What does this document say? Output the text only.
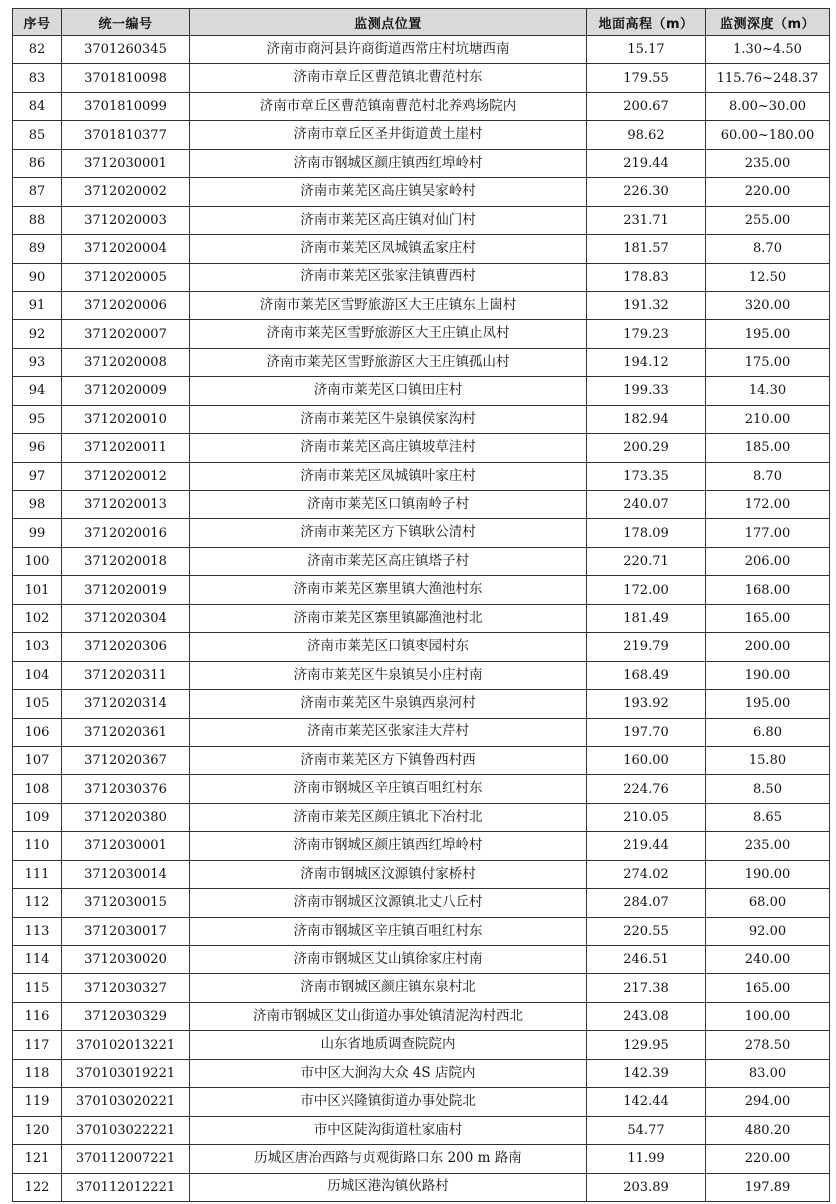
序号	统一编号	监测点位置	地面高程（m）	监测深度（m）
82	3701260345	济南市商河县许商街道西常庄村坑塘西南	15.17	1.30~4.50
83	3701810098	济南市章丘区曹范镇北曹范村东	179.55	115.76~248.37
84	3701810099	济南市章丘区曹范镇南曹范村北养鸡场院内	200.67	8.00~30.00
85	3701810377	济南市章丘区圣井街道黄土崖村	98.62	60.00~180.00
86	3712030001	济南市钢城区颜庄镇西红埠岭村	219.44	235.00
87	3712020002	济南市莱芜区高庄镇吴家岭村	226.30	220.00
88	3712020003	济南市莱芜区高庄镇对仙门村	231.71	255.00
89	3712020004	济南市莱芜区凤城镇孟家庄村	181.57	8.70
90	3712020005	济南市莱芜区张家洼镇曹西村	178.83	12.50
91	3712020006	济南市莱芜区雪野旅游区大王庄镇东上崮村	191.32	320.00
92	3712020007	济南市莱芜区雪野旅游区大王庄镇止凤村	179.23	195.00
93	3712020008	济南市莱芜区雪野旅游区大王庄镇孤山村	194.12	175.00
94	3712020009	济南市莱芜区口镇田庄村	199.33	14.30
95	3712020010	济南市莱芜区牛泉镇侯家沟村	182.94	210.00
96	3712020011	济南市莱芜区高庄镇坡草洼村	200.29	185.00
97	3712020012	济南市莱芜区凤城镇叶家庄村	173.35	8.70
98	3712020013	济南市莱芜区口镇南岭子村	240.07	172.00
99	3712020016	济南市莱芜区方下镇耿公清村	178.09	177.00
100	3712020018	济南市莱芜区高庄镇塔子村	220.71	206.00
101	3712020019	济南市莱芜区寨里镇大渔池村东	172.00	168.00
102	3712020304	济南市莱芜区寨里镇鄙渔池村北	181.49	165.00
103	3712020306	济南市莱芜区口镇枣园村东	219.79	200.00
104	3712020311	济南市莱芜区牛泉镇吴小庄村南	168.49	190.00
105	3712020314	济南市莱芜区牛泉镇西泉河村	193.92	195.00
106	3712020361	济南市莱芜区张家洼大芹村	197.70	6.80
107	3712020367	济南市莱芜区方下镇鲁西村西	160.00	15.80
108	3712030376	济南市钢城区辛庄镇百咀红村东	224.76	8.50
109	3712020380	济南市莱芜区颜庄镇北下冶村北	210.05	8.65
110	3712030001	济南市钢城区颜庄镇西红埠岭村	219.44	235.00
111	3712030014	济南市钢城区汶源镇付家桥村	274.02	190.00
112	3712030015	济南市钢城区汶源镇北丈八丘村	284.07	68.00
113	3712030017	济南市钢城区辛庄镇百咀红村东	220.55	92.00
114	3712030020	济南市钢城区艾山镇徐家庄村南	246.51	240.00
115	3712030327	济南市钢城区颜庄镇东泉村北	217.38	165.00
116	3712030329	济南市钢城区艾山街道办事处镇清泥沟村西北	243.08	100.00
117	370102013221	山东省地质调查院院内	129.95	278.50
118	370103019221	市中区大涧沟大众 4S 店院内	142.39	83.00
119	370103020221	市中区兴隆镇街道办事处院北	142.44	294.00
120	370103022221	市中区陡沟街道杜家庙村	54.77	480.20
121	370112007221	历城区唐冶西路与贞观街路口东 200 m 路南	11.99	220.00
122	370112012221	历城区港沟镇伙路村	203.89	197.89
